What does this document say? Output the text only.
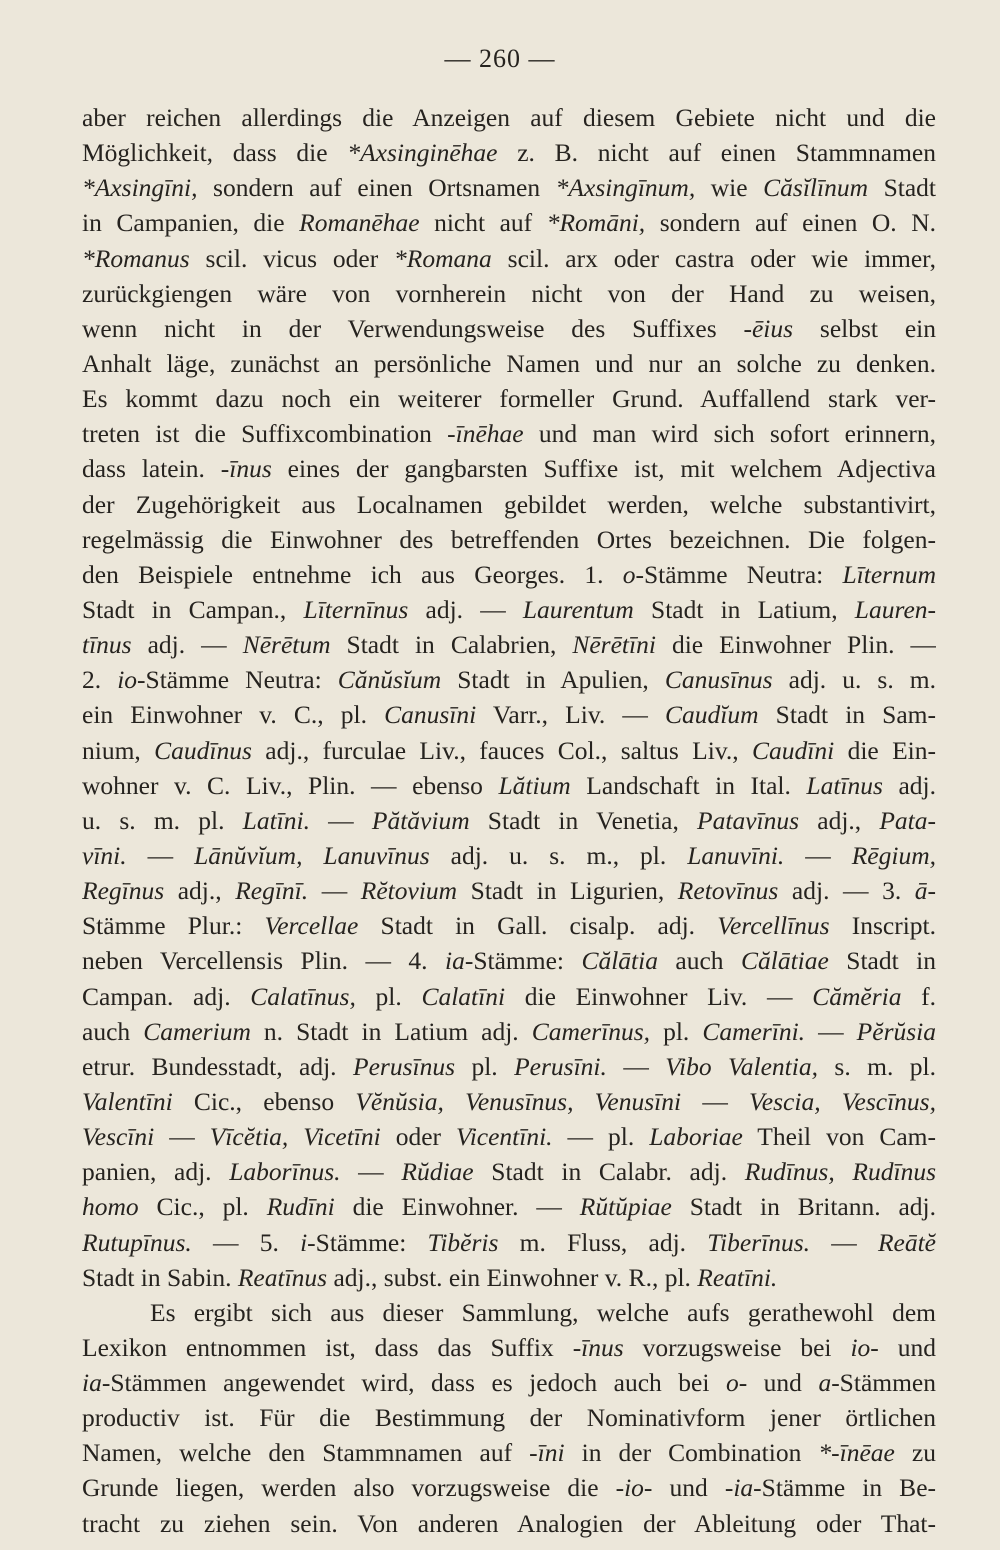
— 260 —
aber reichen allerdings die Anzeigen auf diesem Gebiete nicht und die
Möglichkeit, dass die *Axsinginēhae z. B. nicht auf einen Stammnamen
*Axsingīni, sondern auf einen Ortsnamen *Axsingīnum, wie Căsĭlīnum Stadt
in Campanien, die Romanēhae nicht auf *Romāni, sondern auf einen O. N.
*Romanus scil. vicus oder *Romana scil. arx oder castra oder wie immer,
zurückgiengen wäre von vornherein nicht von der Hand zu weisen,
wenn nicht in der Verwendungsweise des Suffixes -ēius selbst ein
Anhalt läge, zunächst an persönliche Namen und nur an solche zu denken.
Es kommt dazu noch ein weiterer formeller Grund. Auffallend stark ver-
treten ist die Suffixcombination -īnēhae und man wird sich sofort erinnern,
dass latein. -īnus eines der gangbarsten Suffixe ist, mit welchem Adjectiva
der Zugehörigkeit aus Localnamen gebildet werden, welche substantivirt,
regelmässig die Einwohner des betreffenden Ortes bezeichnen. Die folgen-
den Beispiele entnehme ich aus Georges. 1. o-Stämme Neutra: Līternum
Stadt in Campan., Līternīnus adj. — Laurentum Stadt in Latium, Lauren-
tīnus adj. — Nērētum Stadt in Calabrien, Nērētīni die Einwohner Plin. —
2. io-Stämme Neutra: Cănŭsĭum Stadt in Apulien, Canusīnus adj. u. s. m.
ein Einwohner v. C., pl. Canusīni Varr., Liv. — Caudĭum Stadt in Sam-
nium, Caudīnus adj., furculae Liv., fauces Col., saltus Liv., Caudīni die Ein-
wohner v. C. Liv., Plin. — ebenso Lătium Landschaft in Ital. Latīnus adj.
u. s. m. pl. Latīni. — Pătăvium Stadt in Venetia, Patavīnus adj., Pata-
vīni. — Lānŭvĭum, Lanuvīnus adj. u. s. m., pl. Lanuvīni. — Rēgium,
Regīnus adj., Regīnī. — Rĕtovium Stadt in Ligurien, Retovīnus adj. — 3. ā-
Stämme Plur.: Vercellae Stadt in Gall. cisalp. adj. Vercellīnus Inscript.
neben Vercellensis Plin. — 4. ia-Stämme: Călātia auch Călātiae Stadt in
Campan. adj. Calatīnus, pl. Calatīni die Einwohner Liv. — Cămĕria f.
auch Camerium n. Stadt in Latium adj. Camerīnus, pl. Camerīni. — Pĕrŭsia
etrur. Bundesstadt, adj. Perusīnus pl. Perusīni. — Vibo Valentia, s. m. pl.
Valentīni Cic., ebenso Vĕnŭsia, Venusīnus, Venusīni — Vescia, Vescīnus,
Vescīni — Vīcĕtia, Vicetīni oder Vicentīni. — pl. Laboriae Theil von Cam-
panien, adj. Laborīnus. — Rŭdiae Stadt in Calabr. adj. Rudīnus, Rudīnus
homo Cic., pl. Rudīni die Einwohner. — Rŭtŭpiae Stadt in Britann. adj.
Rutupīnus. — 5. i-Stämme: Tibĕris m. Fluss, adj. Tiberīnus. — Reātĕ
Stadt in Sabin. Reatīnus adj., subst. ein Einwohner v. R., pl. Reatīni.
Es ergibt sich aus dieser Sammlung, welche aufs gerathewohl dem
Lexikon entnommen ist, dass das Suffix -īnus vorzugsweise bei io- und
ia-Stämmen angewendet wird, dass es jedoch auch bei o- und a-Stämmen
productiv ist. Für die Bestimmung der Nominativform jener örtlichen
Namen, welche den Stammnamen auf -īni in der Combination *-īnēae zu
Grunde liegen, werden also vorzugsweise die -io- und -ia-Stämme in Be-
tracht zu ziehen sein. Von anderen Analogien der Ableitung oder That-
